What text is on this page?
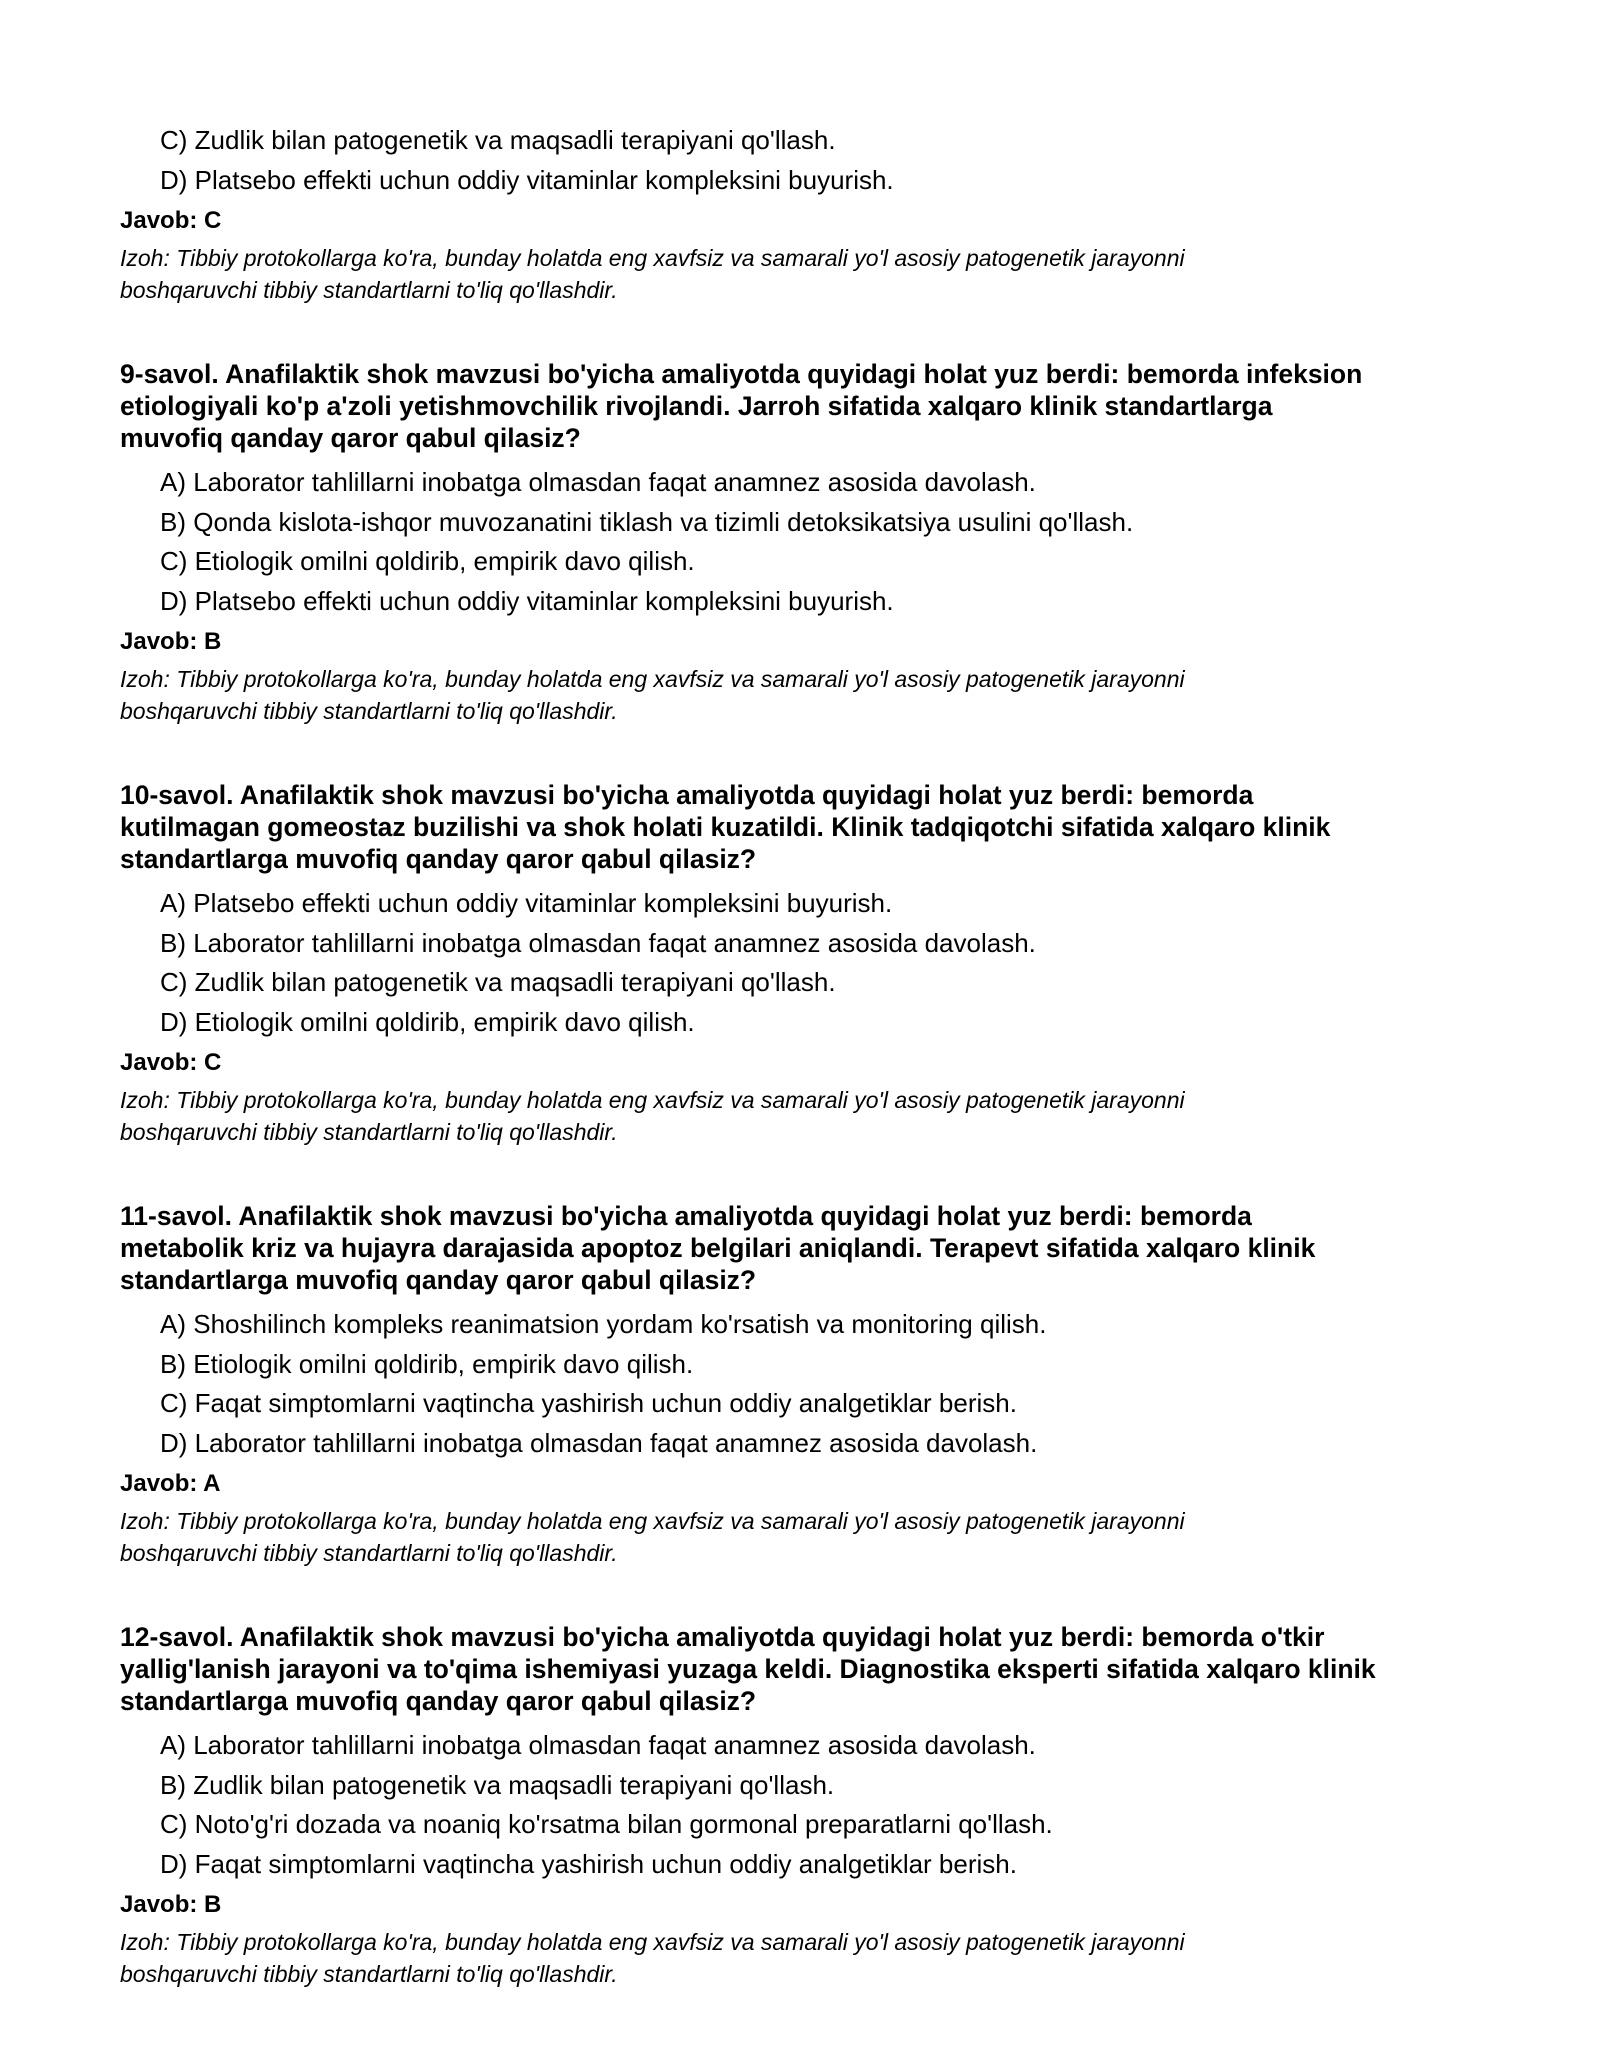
C) Zudlik bilan patogenetik va maqsadli terapiyani qo'llash.
D) Platsebo effekti uchun oddiy vitaminlar kompleksini buyurish.
Javob: C
Izoh: Tibbiy protokollarga ko'ra, bunday holatda eng xavfsiz va samarali yo'l asosiy patogenetik jarayonni
boshqaruvchi tibbiy standartlarni to'liq qo'llashdir.
9-savol. Anafilaktik shok mavzusi bo'yicha amaliyotda quyidagi holat yuz berdi: bemorda infeksion
etiologiyali ko'p a'zoli yetishmovchilik rivojlandi. Jarroh sifatida xalqaro klinik standartlarga
muvofiq qanday qaror qabul qilasiz?
A) Laborator tahlillarni inobatga olmasdan faqat anamnez asosida davolash.
B) Qonda kislota-ishqor muvozanatini tiklash va tizimli detoksikatsiya usulini qo'llash.
C) Etiologik omilni qoldirib, empirik davo qilish.
D) Platsebo effekti uchun oddiy vitaminlar kompleksini buyurish.
Javob: B
Izoh: Tibbiy protokollarga ko'ra, bunday holatda eng xavfsiz va samarali yo'l asosiy patogenetik jarayonni
boshqaruvchi tibbiy standartlarni to'liq qo'llashdir.
10-savol. Anafilaktik shok mavzusi bo'yicha amaliyotda quyidagi holat yuz berdi: bemorda
kutilmagan gomeostaz buzilishi va shok holati kuzatildi. Klinik tadqiqotchi sifatida xalqaro klinik
standartlarga muvofiq qanday qaror qabul qilasiz?
A) Platsebo effekti uchun oddiy vitaminlar kompleksini buyurish.
B) Laborator tahlillarni inobatga olmasdan faqat anamnez asosida davolash.
C) Zudlik bilan patogenetik va maqsadli terapiyani qo'llash.
D) Etiologik omilni qoldirib, empirik davo qilish.
Javob: C
Izoh: Tibbiy protokollarga ko'ra, bunday holatda eng xavfsiz va samarali yo'l asosiy patogenetik jarayonni
boshqaruvchi tibbiy standartlarni to'liq qo'llashdir.
11-savol. Anafilaktik shok mavzusi bo'yicha amaliyotda quyidagi holat yuz berdi: bemorda
metabolik kriz va hujayra darajasida apoptoz belgilari aniqlandi. Terapevt sifatida xalqaro klinik
standartlarga muvofiq qanday qaror qabul qilasiz?
A) Shoshilinch kompleks reanimatsion yordam ko'rsatish va monitoring qilish.
B) Etiologik omilni qoldirib, empirik davo qilish.
C) Faqat simptomlarni vaqtincha yashirish uchun oddiy analgetiklar berish.
D) Laborator tahlillarni inobatga olmasdan faqat anamnez asosida davolash.
Javob: A
Izoh: Tibbiy protokollarga ko'ra, bunday holatda eng xavfsiz va samarali yo'l asosiy patogenetik jarayonni
boshqaruvchi tibbiy standartlarni to'liq qo'llashdir.
12-savol. Anafilaktik shok mavzusi bo'yicha amaliyotda quyidagi holat yuz berdi: bemorda o'tkir
yallig'lanish jarayoni va to'qima ishemiyasi yuzaga keldi. Diagnostika eksperti sifatida xalqaro klinik
standartlarga muvofiq qanday qaror qabul qilasiz?
A) Laborator tahlillarni inobatga olmasdan faqat anamnez asosida davolash.
B) Zudlik bilan patogenetik va maqsadli terapiyani qo'llash.
C) Noto'g'ri dozada va noaniq ko'rsatma bilan gormonal preparatlarni qo'llash.
D) Faqat simptomlarni vaqtincha yashirish uchun oddiy analgetiklar berish.
Javob: B
Izoh: Tibbiy protokollarga ko'ra, bunday holatda eng xavfsiz va samarali yo'l asosiy patogenetik jarayonni
boshqaruvchi tibbiy standartlarni to'liq qo'llashdir.
